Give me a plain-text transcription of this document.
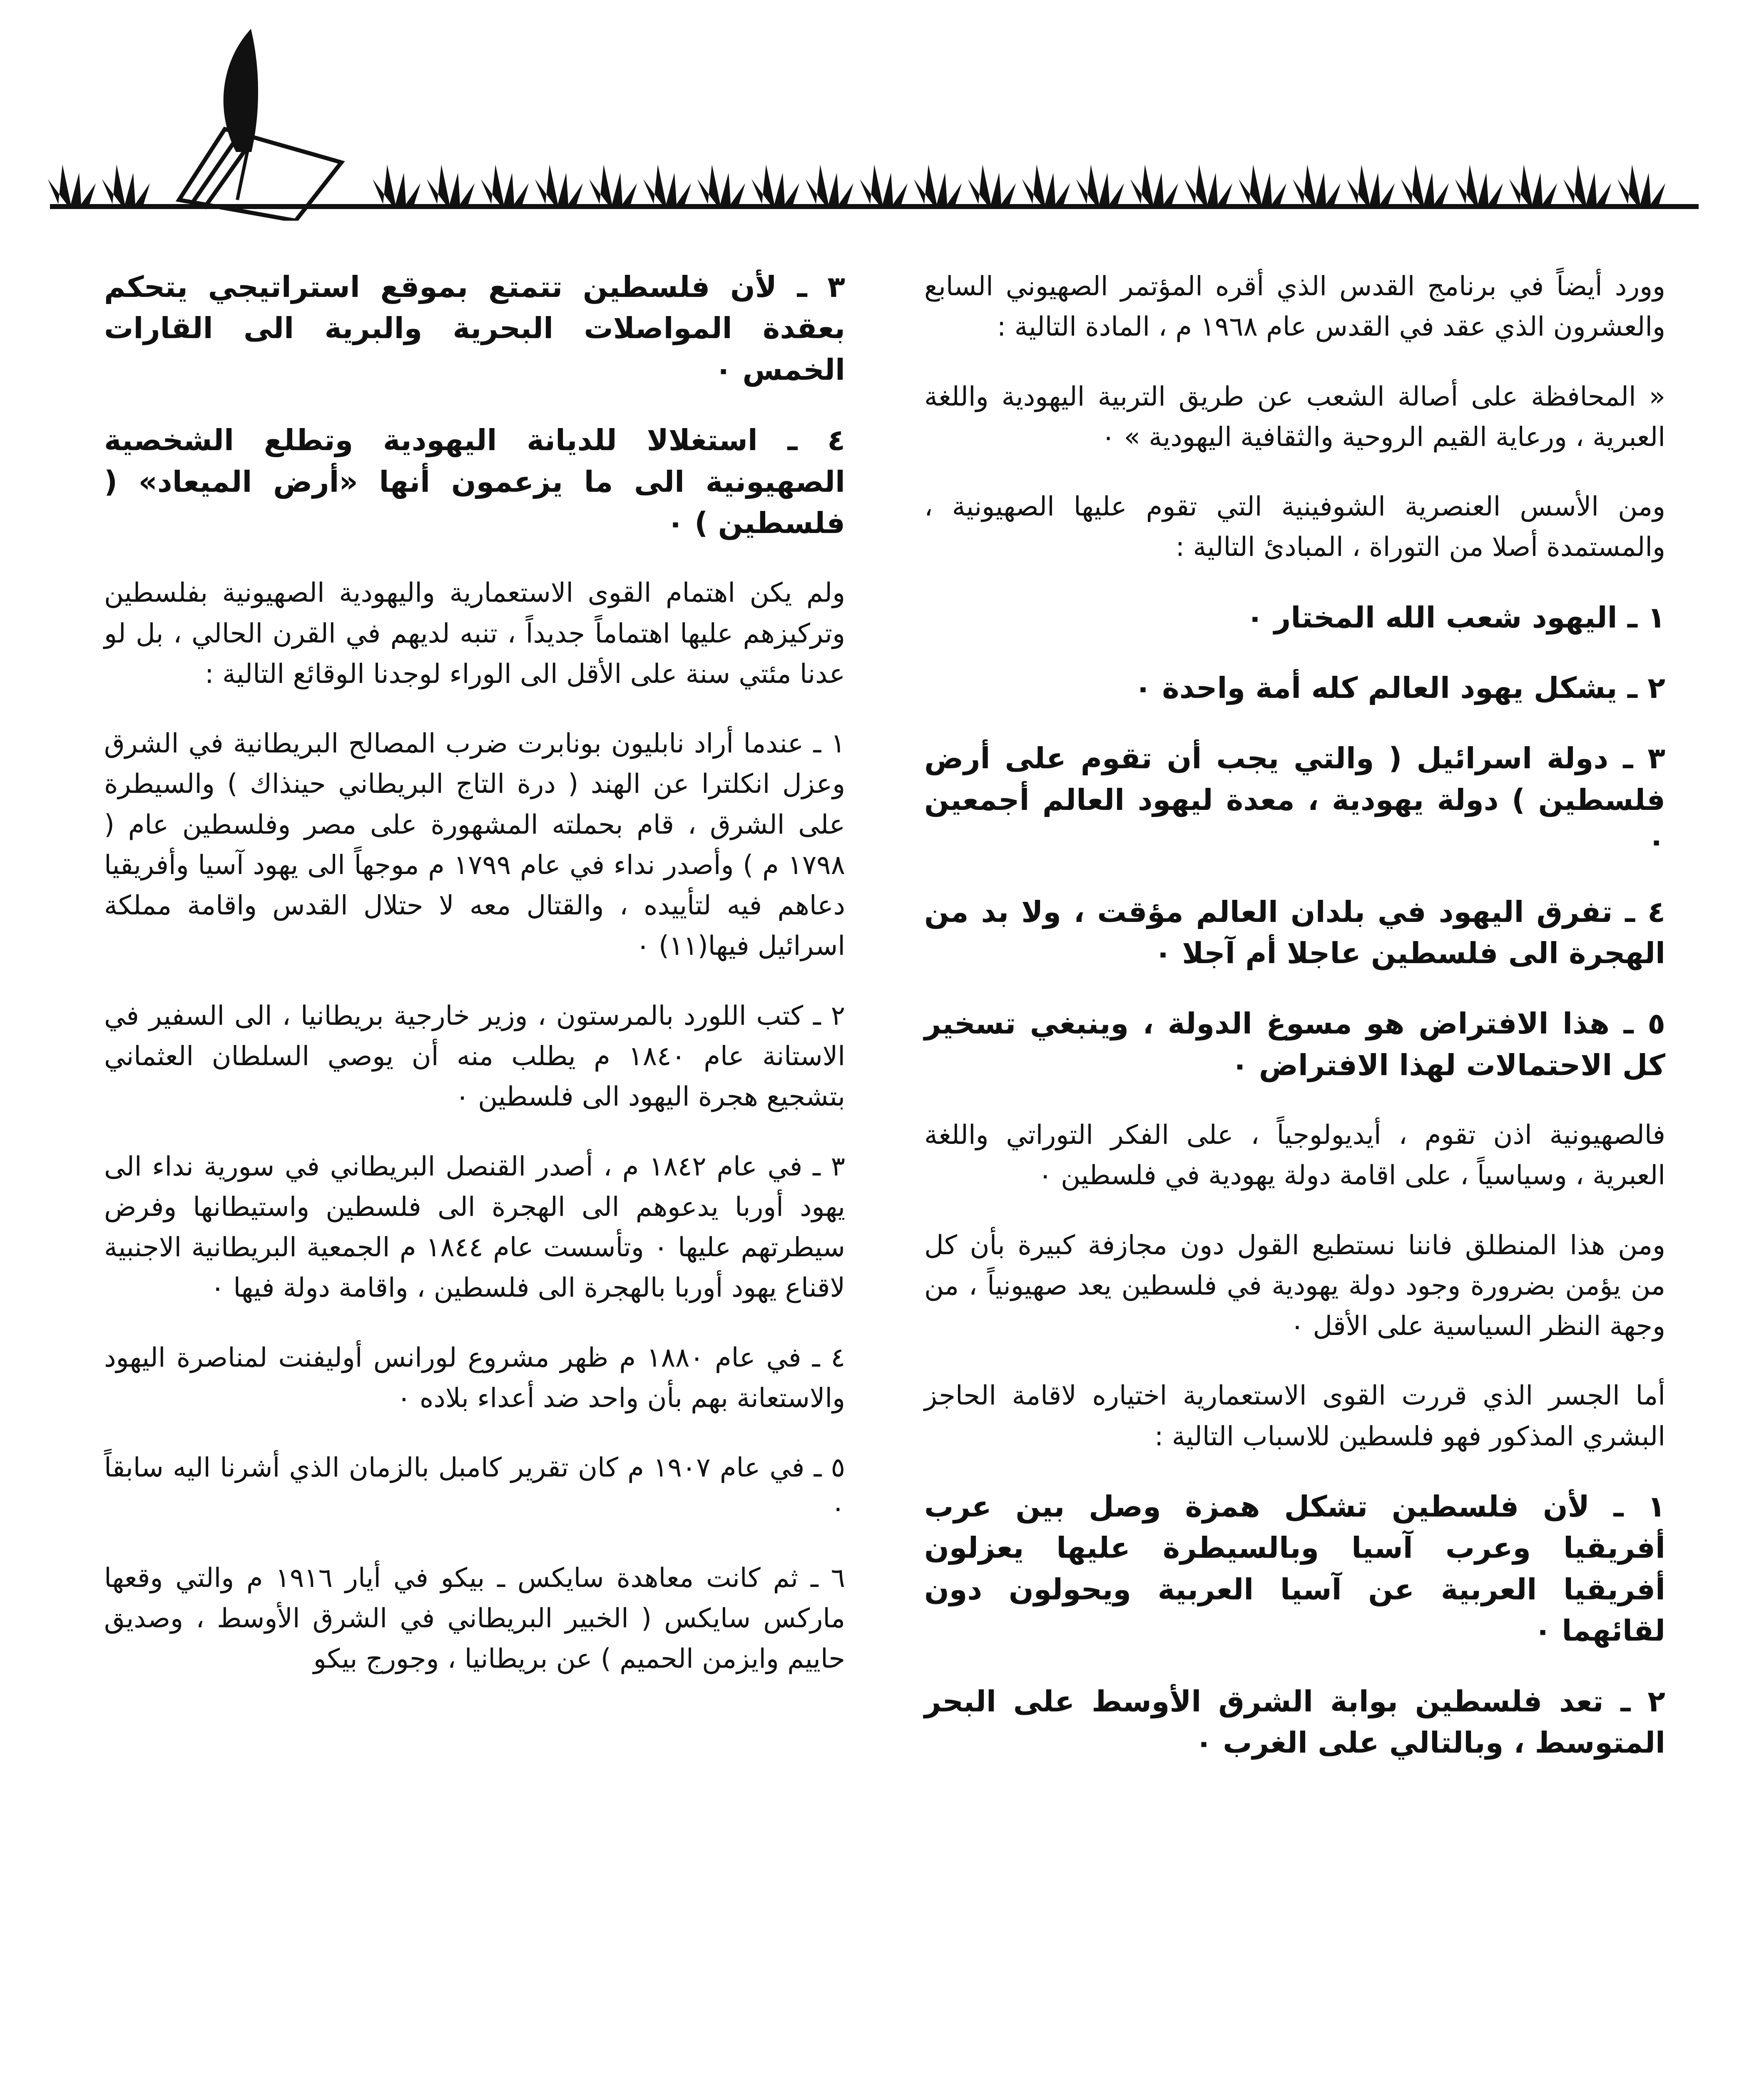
وورد أيضاً في برنامج القدس الذي أقره المؤتمر الصهيوني السابع والعشرون الذي عقد في القدس عام ١٩٦٨ م ، المادة التالية :

« المحافظة على أصالة الشعب عن طريق التربية اليهودية واللغة العبرية ، ورعاية القيم الروحية والثقافية اليهودية » ٠

ومن الأسس العنصرية الشوفينية التي تقوم عليها الصهيونية ، والمستمدة أصلا من التوراة ، المبادئ التالية :

١ ـ اليهود شعب الله المختار ٠

٢ ـ يشكل يهود العالم كله أمة واحدة ٠

٣ ـ دولة اسرائيل ( والتي يجب أن تقوم على أرض فلسطين ) دولة يهودية ، معدة ليهود العالم أجمعين ٠

٤ ـ تفرق اليهود في بلدان العالم مؤقت ، ولا بد من الهجرة الى فلسطين عاجلا أم آجلا ٠

٥ ـ هذا الافتراض هو مسوغ الدولة ، وينبغي تسخير كل الاحتمالات لهذا الافتراض ٠

فالصهيونية اذن تقوم ، أيديولوجياً ، على الفكر التوراتي واللغة العبرية ، وسياسياً ، على اقامة دولة يهودية في فلسطين ٠

ومن هذا المنطلق فاننا نستطيع القول دون مجازفة كبيرة بأن كل من يؤمن بضرورة وجود دولة يهودية في فلسطين يعد صهيونياً ، من وجهة النظر السياسية على الأقل ٠

أما الجسر الذي قررت القوى الاستعمارية اختياره لاقامة الحاجز البشري المذكور فهو فلسطين للاسباب التالية :

١ ـ لأن فلسطين تشكل همزة وصل بين عرب أفريقيا وعرب آسيا وبالسيطرة عليها يعزلون أفريقيا العربية عن آسيا العربية ويحولون دون لقائهما ٠

٢ ـ تعد فلسطين بوابة الشرق الأوسط على البحر المتوسط ، وبالتالي على الغرب ٠

٣ ـ لأن فلسطين تتمتع بموقع استراتيجي يتحكم بعقدة المواصلات البحرية والبرية الى القارات الخمس ٠

٤ ـ استغلالا للديانة اليهودية وتطلع الشخصية الصهيونية الى ما يزعمون أنها «أرض الميعاد» ( فلسطين ) ٠

ولم يكن اهتمام القوى الاستعمارية واليهودية الصهيونية بفلسطين وتركيزهم عليها اهتماماً جديداً ، تنبه لديهم في القرن الحالي ، بل لو عدنا مئتي سنة على الأقل الى الوراء لوجدنا الوقائع التالية :

١ ـ عندما أراد نابليون بونابرت ضرب المصالح البريطانية في الشرق وعزل انكلترا عن الهند ( درة التاج البريطاني حينذاك ) والسيطرة على الشرق ، قام بحملته المشهورة على مصر وفلسطين عام ( ١٧٩٨ م ) وأصدر نداء في عام ١٧٩٩ م موجهاً الى يهود آسيا وأفريقيا دعاهم فيه لتأييده ، والقتال معه لا حتلال القدس واقامة مملكة اسرائيل فيها(١١) ٠

٢ ـ كتب اللورد بالمرستون ، وزير خارجية بريطانيا ، الى السفير في الاستانة عام ١٨٤٠ م يطلب منه أن يوصي السلطان العثماني بتشجيع هجرة اليهود الى فلسطين ٠

٣ ـ في عام ١٨٤٢ م ، أصدر القنصل البريطاني في سورية نداء الى يهود أوربا يدعوهم الى الهجرة الى فلسطين واستيطانها وفرض سيطرتهم عليها ٠ وتأسست عام ١٨٤٤ م الجمعية البريطانية الاجنبية لاقناع يهود أوربا بالهجرة الى فلسطين ، واقامة دولة فيها ٠

٤ ـ في عام ١٨٨٠ م ظهر مشروع لورانس أوليفنت لمناصرة اليهود والاستعانة بهم بأن واحد ضد أعداء بلاده ٠

٥ ـ في عام ١٩٠٧ م كان تقرير كامبل بالزمان الذي أشرنا اليه سابقاً ٠

٦ ـ ثم كانت معاهدة سايكس ـ بيكو في أيار ١٩١٦ م والتي وقعها ماركس سايكس ( الخبير البريطاني في الشرق الأوسط ، وصديق حاييم وايزمن الحميم ) عن بريطانيا ، وجورج بيكو
